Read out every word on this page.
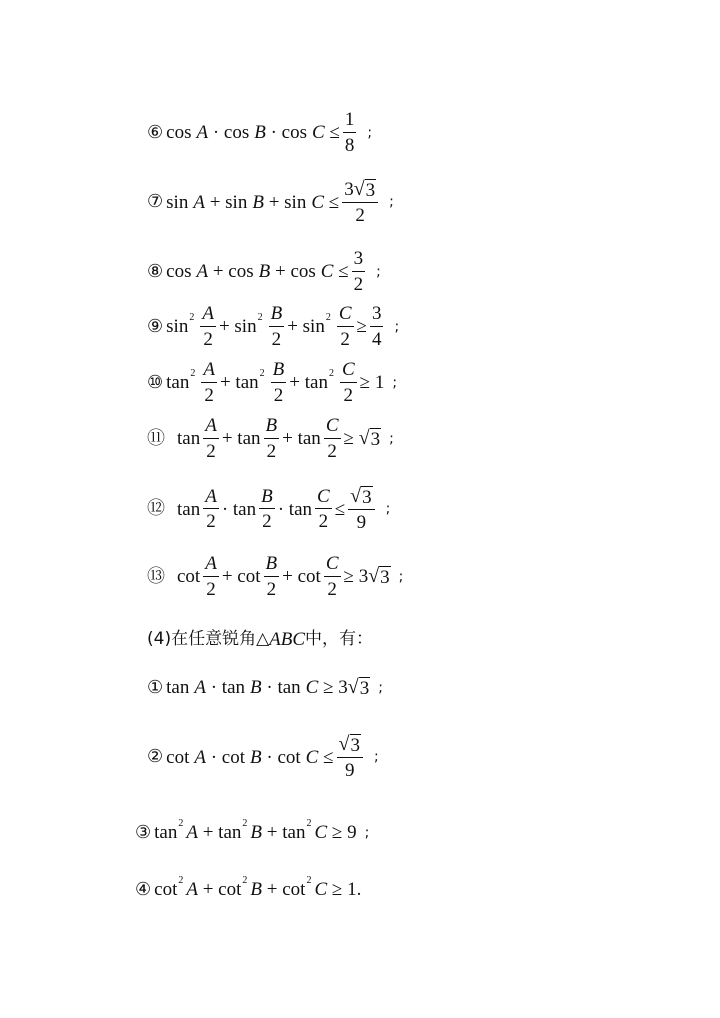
⑥ $\cos A \cdot \cos B \cdot \cos C \le \frac{1}{8}$ ;
⑦ $\sin A + \sin B + \sin C \le \frac{3 √ 3}{2}$ ;
⑧ $\cos A + \cos B + \cos C \le \frac{3}{2}$ ;
⑨ $\sin^2 \frac{A}{2} + \sin^2 \frac{B}{2} + \sin^2 \frac{C}{2} \ge \frac{3}{4}$ ;
⑩ $\tan^2 \frac{A}{2} + \tan^2 \frac{B}{2} + \tan^2 \frac{C}{2} \ge 1$ ;
⑪ $\tan \frac{A}{2} + \tan \frac{B}{2} + \tan \frac{C}{2}$ ≥ √ 3 ;
⑫ $\tan \frac{A}{2} \cdot \tan \frac{B}{2} \cdot \tan \frac{C}{2} \le \frac{√ 3}{9}$ ;
⑬ $\cot \frac{A}{2} + \cot \frac{B}{2} + \cot \frac{C}{2} \ge 3$ √ 3 ;
(4)在任意锐角△ ABC 中，有：
① tan A · tan B · tan C ≥ 3 √ 3 ;
② $\cot A \cdot \cot B \cdot \cot C \le \frac{√ 3}{9}$ ;
③ $\tan^2 A + \tan^2 B + \tan^2 C \ge 9$ ;
④ $\cot^2 A + \cot^2 B + \cot^2 C \ge 1$.
